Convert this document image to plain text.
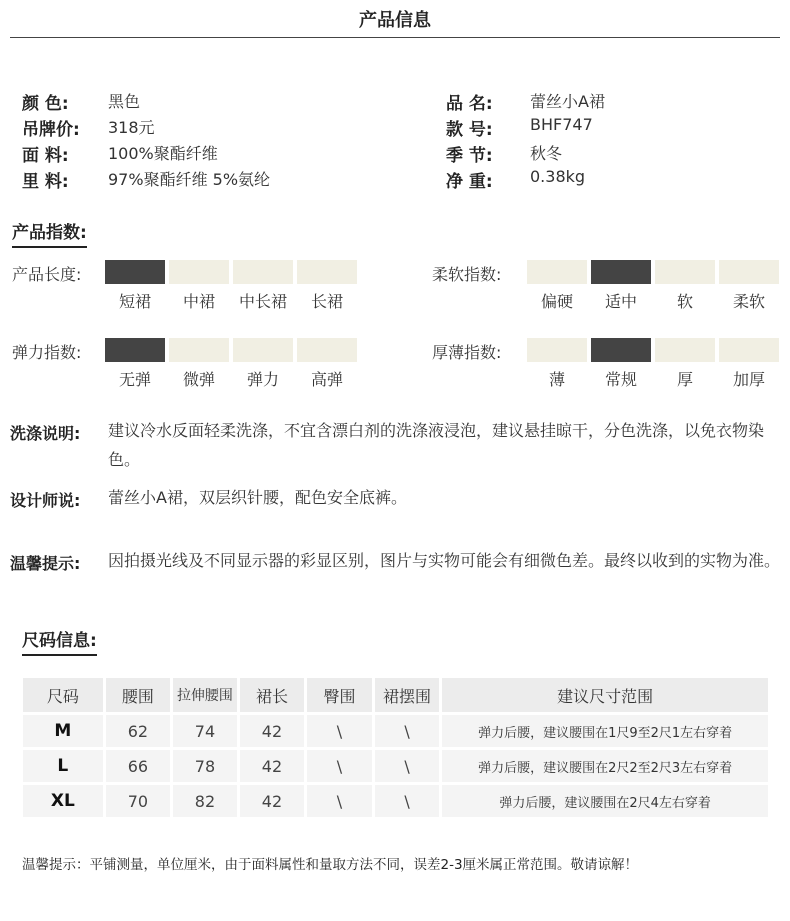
产品信息
颜 色: 黑色
吊牌价: 318元
面 料: 100%聚酯纤维
里 料: 97%聚酯纤维 5%氨纶
品 名: 蕾丝小A裙
款 号: BHF747
季 节: 秋冬
净 重: 0.38kg
产品指数:
产品长度:
短裙	中裙	中长裙	长裙
柔软指数:
偏硬	适中	软	柔软
弹力指数:
无弹	微弹	弹力	高弹
厚薄指数:
薄	常规	厚	加厚
洗涤说明: 建议冷水反面轻柔洗涤，不宜含漂白剂的洗涤液浸泡，建议悬挂晾干，分色洗涤，以免衣物染色。
设计师说: 蕾丝小A裙，双层织针腰，配色安全底裤。
温馨提示: 因拍摄光线及不同显示器的彩显区别，图片与实物可能会有细微色差。最终以收到的实物为准。
尺码信息:
尺码	腰围	拉伸腰围	裙长	臀围	裙摆围	建议尺寸范围
M	62	74	42	\	\	弹力后腰，建议腰围在1尺9至2尺1左右穿着
L	66	78	42	\	\	弹力后腰，建议腰围在2尺2至2尺3左右穿着
XL	70	82	42	\	\	弹力后腰，建议腰围在2尺4左右穿着
温馨提示：平铺测量，单位厘米，由于面料属性和量取方法不同，误差2-3厘米属正常范围。敬请谅解！
